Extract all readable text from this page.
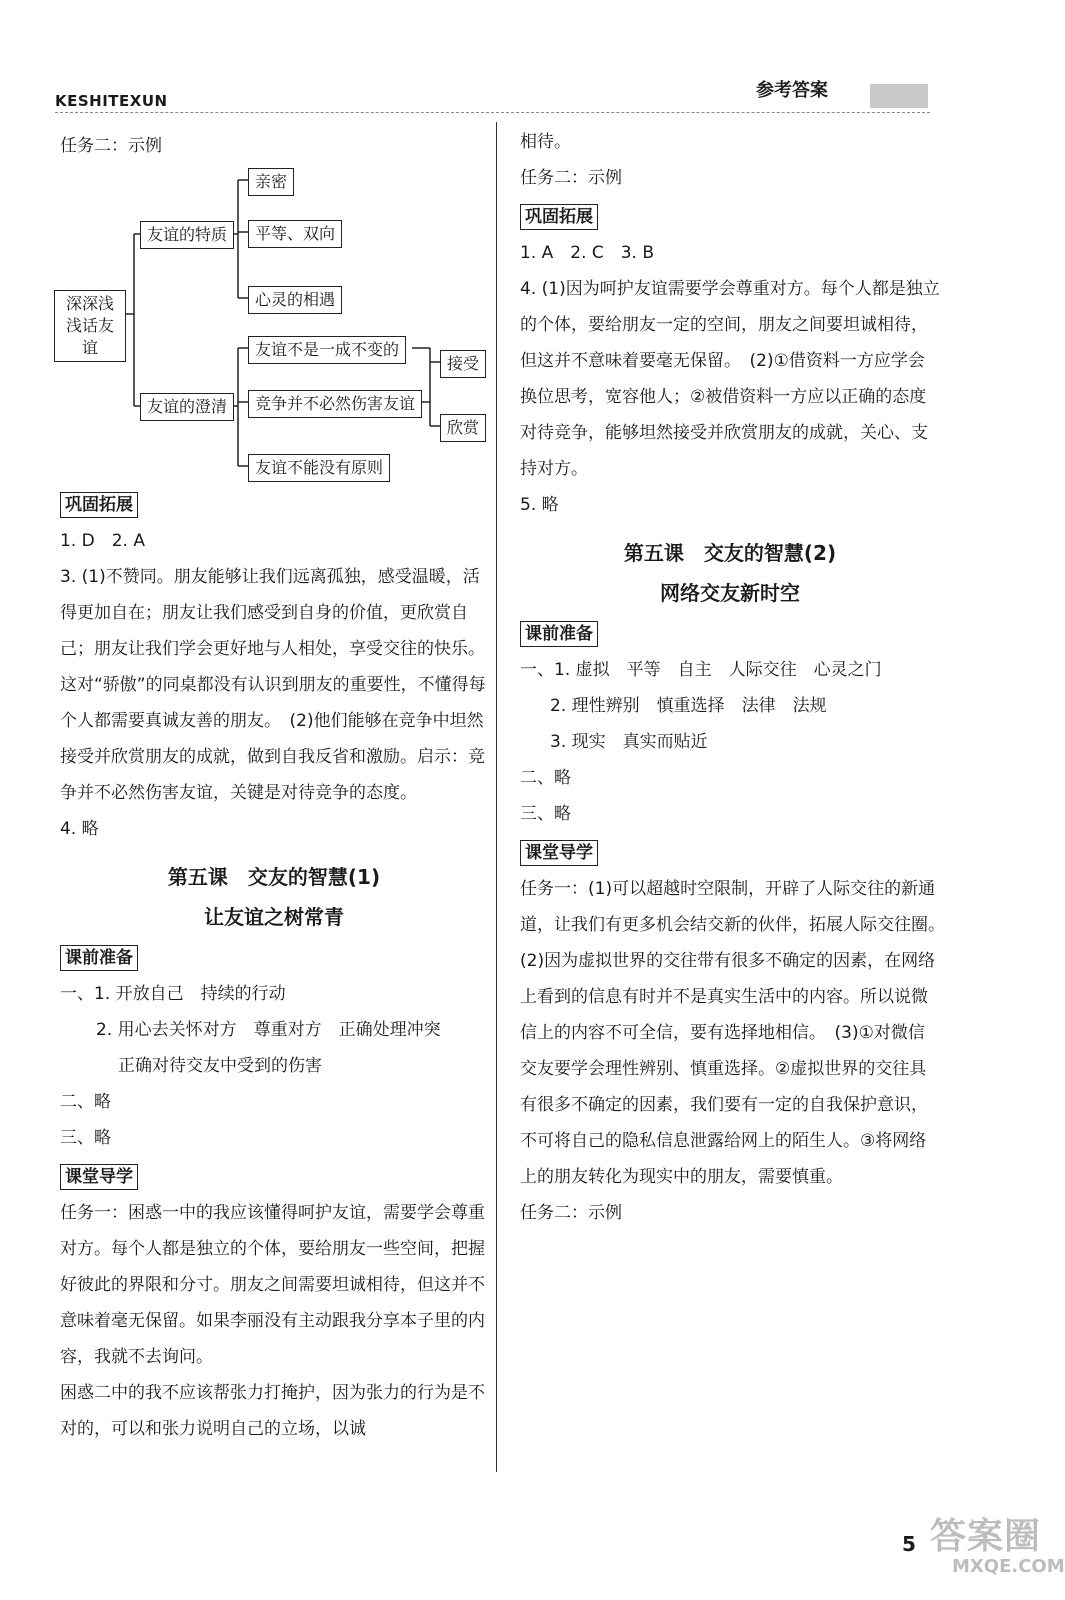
KESHITEXUN	参考答案

任务二：示例

深深浅浅话友谊
友谊的特质
亲密
平等、双向
心灵的相遇
友谊的澄清
友谊不是一成不变的
竞争并不必然伤害友谊
友谊不能没有原则
接受
欣赏
巩固拓展

1. D　2. A

3. (1)不赞同。朋友能够让我们远离孤独，感受温暖，活得更加自在；朋友让我们感受到自身的价值，更欣赏自己；朋友让我们学会更好地与人相处，享受交往的快乐。这对“骄傲”的同桌都没有认识到朋友的重要性，不懂得每个人都需要真诚友善的朋友。　(2)他们能够在竞争中坦然接受并欣赏朋友的成就，做到自我反省和激励。启示：竞争并不必然伤害友谊，关键是对待竞争的态度。

4. 略

第五课　交友的智慧(1)
让友谊之树常青
课前准备

一、1. 开放自己　持续的行动

2. 用心去关怀对方　尊重对方　正确处理冲突

正确对待交友中受到的伤害

二、略

三、略

课堂导学

任务一：困惑一中的我应该懂得呵护友谊，需要学会尊重对方。每个人都是独立的个体，要给朋友一些空间，把握好彼此的界限和分寸。朋友之间需要坦诚相待，但这并不意味着毫无保留。如果李丽没有主动跟我分享本子里的内容，我就不去询问。

困惑二中的我不应该帮张力打掩护，因为张力的行为是不对的，可以和张力说明自己的立场，以诚

相待。

任务二：示例

巩固拓展

1. A　2. C　3. B

4. (1)因为呵护友谊需要学会尊重对方。每个人都是独立的个体，要给朋友一定的空间，朋友之间要坦诚相待，但这并不意味着要毫无保留。　(2)①借资料一方应学会换位思考，宽容他人；②被借资料一方应以正确的态度对待竞争，能够坦然接受并欣赏朋友的成就，关心、支持对方。

5. 略

第五课　交友的智慧(2)
网络交友新时空
课前准备

一、1. 虚拟　平等　自主　人际交往　心灵之门

2. 理性辨别　慎重选择　法律　法规

3. 现实　真实而贴近

二、略

三、略

课堂导学

任务一：(1)可以超越时空限制，开辟了人际交往的新通道，让我们有更多机会结交新的伙伴，拓展人际交往圈。　(2)因为虚拟世界的交往带有很多不确定的因素，在网络上看到的信息有时并不是真实生活中的内容。所以说微信上的内容不可全信，要有选择地相信。　(3)①对微信交友要学会理性辨别、慎重选择。②虚拟世界的交往具有很多不确定的因素，我们要有一定的自我保护意识，不可将自己的隐私信息泄露给网上的陌生人。③将网络上的朋友转化为现实中的朋友，需要慎重。

任务二：示例

5 答案圈
MXQE.COM
